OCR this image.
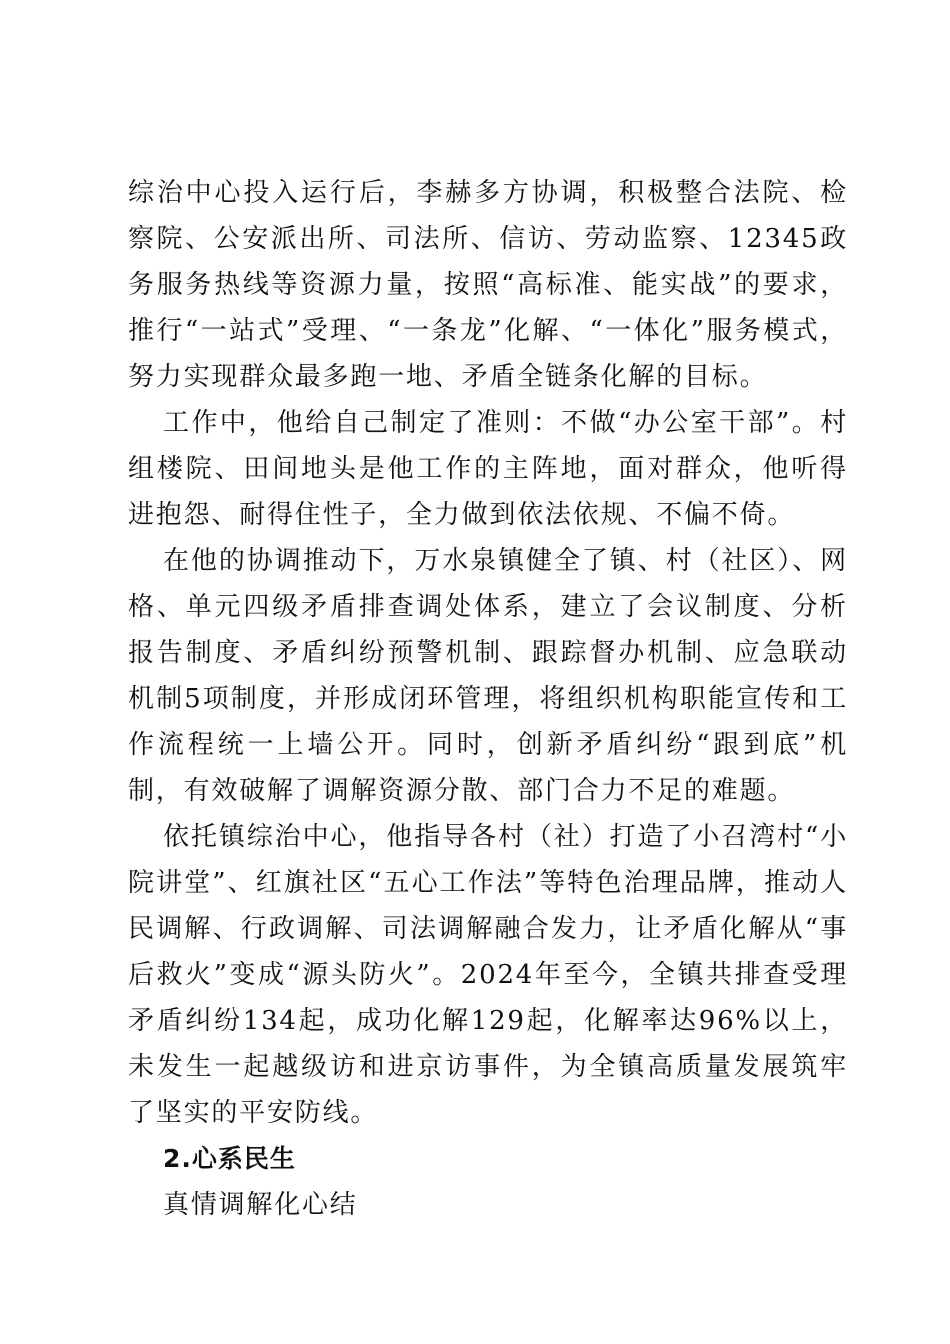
综治中心投入运行后，李赫多方协调，积极整合法院、检察院、公安派出所、司法所、信访、劳动监察、12345政务服务热线等资源力量，按照“高标准、能实战”的要求，推行“一站式”受理、“一条龙”化解、“一体化”服务模式，努力实现群众最多跑一地、矛盾全链条化解的目标。

工作中，他给自己制定了准则：不做“办公室干部”。村组楼院、田间地头是他工作的主阵地，面对群众，他听得进抱怨、耐得住性子，全力做到依法依规、不偏不倚。

在他的协调推动下，万水泉镇健全了镇、村（社区）、网格、单元四级矛盾排查调处体系，建立了会议制度、分析报告制度、矛盾纠纷预警机制、跟踪督办机制、应急联动机制5项制度，并形成闭环管理，将组织机构职能宣传和工作流程统一上墙公开。同时，创新矛盾纠纷“跟到底”机制，有效破解了调解资源分散、部门合力不足的难题。

依托镇综治中心，他指导各村（社）打造了小召湾村“小院讲堂”、红旗社区“五心工作法”等特色治理品牌，推动人民调解、行政调解、司法调解融合发力，让矛盾化解从“事后救火”变成“源头防火”。2024年至今，全镇共排查受理矛盾纠纷134起，成功化解129起，化解率达96%以上，未发生一起越级访和进京访事件，为全镇高质量发展筑牢了坚实的平安防线。

2.心系民生

真情调解化心结
